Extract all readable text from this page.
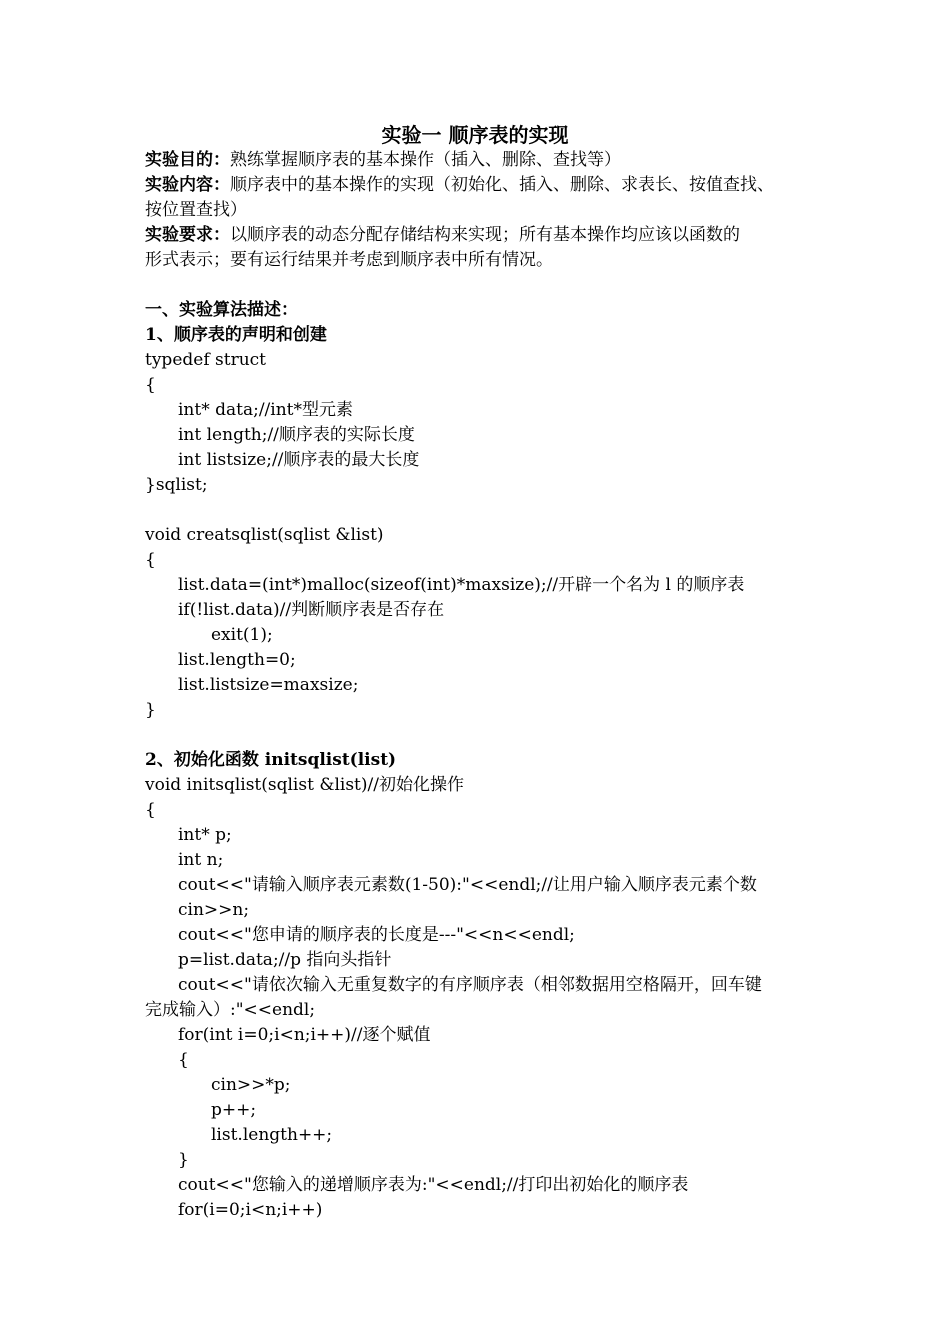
实验一 顺序表的实现
实验目的：熟练掌握顺序表的基本操作（插入、删除、查找等）
实验内容：顺序表中的基本操作的实现（初始化、插入、删除、求表长、按值查找、
按位置查找）
实验要求：以顺序表的动态分配存储结构来实现；所有基本操作均应该以函数的
形式表示；要有运行结果并考虑到顺序表中所有情况。
一、实验算法描述：
1、顺序表的声明和创建
typedef struct
{
int* data;//int*型元素
int length;//顺序表的实际长度
int listsize;//顺序表的最大长度
}sqlist;
void creatsqlist(sqlist &list)
{
list.data=(int*)malloc(sizeof(int)*maxsize);//开辟一个名为 l 的顺序表
if(!list.data)//判断顺序表是否存在
exit(1);
list.length=0;
list.listsize=maxsize;
}
2、初始化函数 initsqlist(list)
void initsqlist(sqlist &list)//初始化操作
{
int* p;
int n;
cout<<"请输入顺序表元素数(1-50):"<<endl;//让用户输入顺序表元素个数
cin>>n;
cout<<"您申请的顺序表的长度是---"<<n<<endl;
p=list.data;//p 指向头指针
cout<<"请依次输入无重复数字的有序顺序表（相邻数据用空格隔开，回车键
完成输入）:"<<endl;
for(int i=0;i<n;i++)//逐个赋值
{
cin>>*p;
p++;
list.length++;
}
cout<<"您输入的递增顺序表为:"<<endl;//打印出初始化的顺序表
for(i=0;i<n;i++)
